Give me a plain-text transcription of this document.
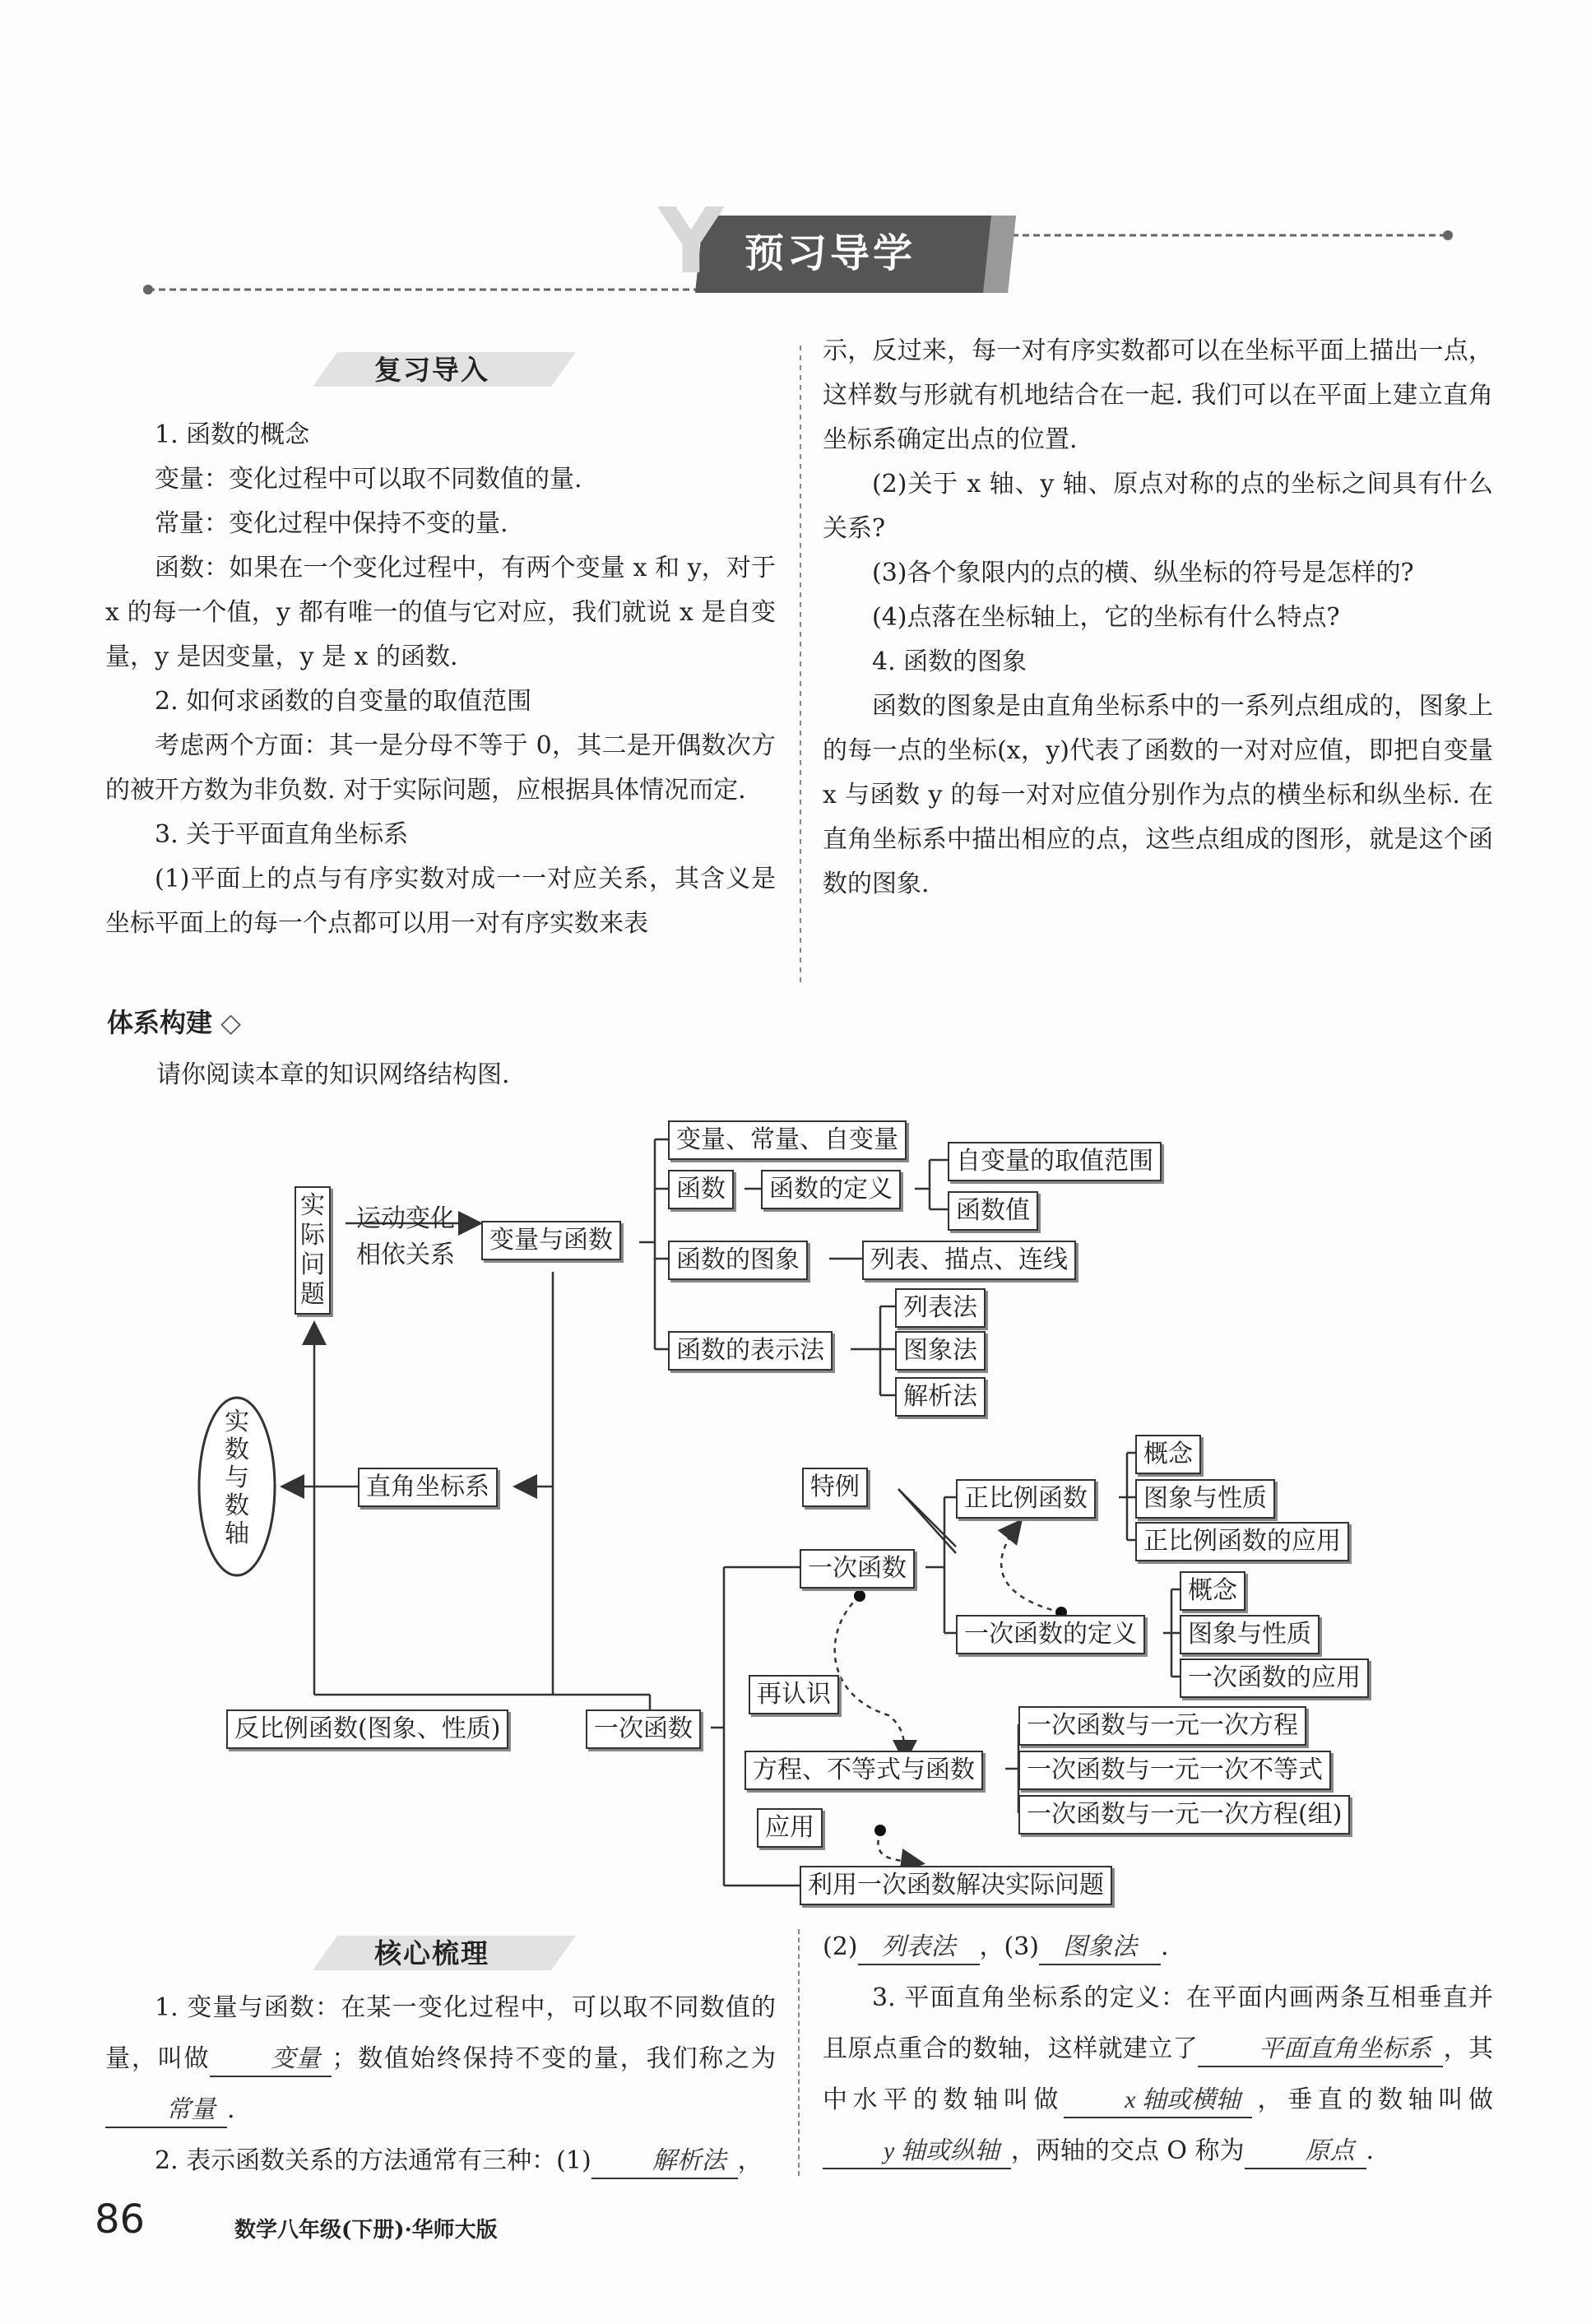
Y 预习导学
复习导入

1. 函数的概念

变量：变化过程中可以取不同数值的量.

常量：变化过程中保持不变的量.

函数：如果在一个变化过程中，有两个变量 x 和 y，对于 x 的每一个值，y 都有唯一的值与它对应，我们就说 x 是自变量，y 是因变量，y 是 x 的函数.

2. 如何求函数的自变量的取值范围

考虑两个方面：其一是分母不等于 0，其二是开偶数次方的被开方数为非负数. 对于实际问题，应根据具体情况而定.

3. 关于平面直角坐标系

(1)平面上的点与有序实数对成一一对应关系，其含义是坐标平面上的每一个点都可以用一对有序实数来表

示，反过来，每一对有序实数都可以在坐标平面上描出一点，这样数与形就有机地结合在一起. 我们可以在平面上建立直角坐标系确定出点的位置.

(2)关于 x 轴、y 轴、原点对称的点的坐标之间具有什么关系?

(3)各个象限内的点的横、纵坐标的符号是怎样的?

(4)点落在坐标轴上，它的坐标有什么特点?

4. 函数的图象

函数的图象是由直角坐标系中的一系列点组成的，图象上的每一点的坐标(x，y)代表了函数的一对对应值，即把自变量 x 与函数 y 的每一对对应值分别作为点的横坐标和纵坐标. 在直角坐标系中描出相应的点，这些点组成的图形，就是这个函数的图象.

体系构建 ◇
请你阅读本章的知识网络结构图.
实际问题
运动变化
相依关系
变量与函数
变量、常量、自变量
函数	函数的定义
自变量的取值范围
函数值
函数的图象	列表、描点、连线
函数的表示法
列表法
图象法
解析法
实数与数轴
直角坐标系	特例	正比例函数
概念
图象与性质
正比例函数的应用
一次函数
一次函数的定义
概念
图象与性质
一次函数的应用
反比例函数(图象、性质)	一次函数
再认识
方程、不等式与函数
一次函数与一元一次方程
一次函数与一元一次不等式
一次函数与一元一次方程(组)
应用
利用一次函数解决实际问题
核心梳理

1. 变量与函数：在某一变化过程中，可以取不同数值的量，叫做 变量 ；数值始终保持不变的量，我们称之为常量 .

2. 表示函数关系的方法通常有三种：(1) 解析法 ，

(2) 列表法 ，(3) 图象法 .

3. 平面直角坐标系的定义：在平面内画两条互相垂直并且原点重合的数轴，这样就建立了 平面直角坐标系 ，其中水平的数轴叫做 x 轴或横轴 ，垂直的数轴叫做y 轴或纵轴 ，两轴的交点 O 称为 原点 .

86	数学八年级(下册)·华师大版
